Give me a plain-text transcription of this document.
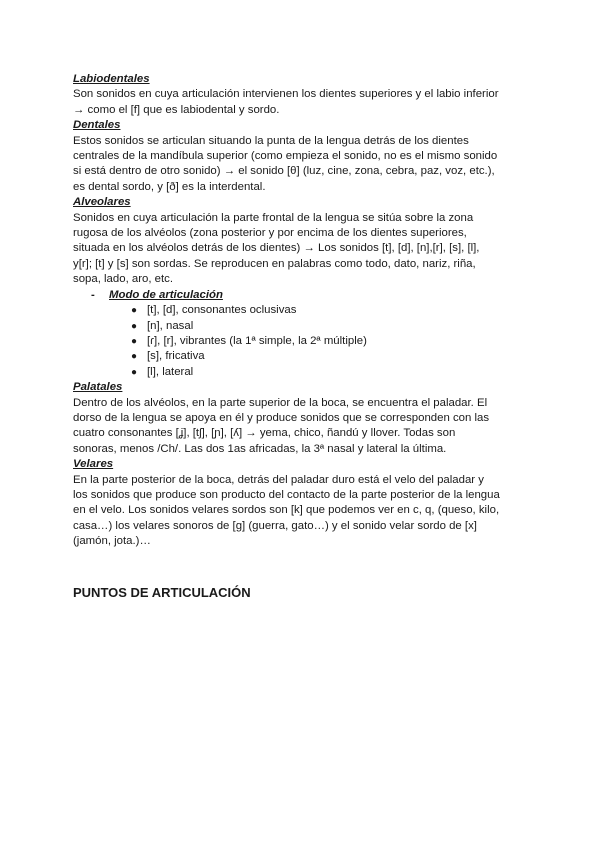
Labiodentales
Son sonidos en cuya articulación intervienen los dientes superiores y el labio inferior
→ como el [f] que es labiodental y sordo.
Dentales
Estos sonidos se articulan situando la punta de la lengua detrás de los dientes
centrales de la mandíbula superior (como empieza el sonido, no es el mismo sonido
si está dentro de otro sonido) → el sonido [θ] (luz, cine, zona, cebra, paz, voz, etc.),
es dental sordo, y [ð] es la interdental.
Alveolares
Sonidos en cuya articulación la parte frontal de la lengua se sitúa sobre la zona
rugosa de los alvéolos (zona posterior y por encima de los dientes superiores,
situada en los alvéolos detrás de los dientes) → Los sonidos [t], [d], [n],[r], [s], [l],
y[r]; [t] y [s] son sordas. Se reproducen en palabras como todo, dato, nariz, riña,
sopa, lado, aro, etc.
- Modo de articulación
● [t], [d], consonantes oclusivas
● [n], nasal
● [ɾ], [r], vibrantes (la 1ª simple, la 2ª múltiple)
● [s], fricativa
● [l], lateral
Palatales
Dentro de los alvéolos, en la parte superior de la boca, se encuentra el paladar. El
dorso de la lengua se apoya en él y produce sonidos que se corresponden con las
cuatro consonantes [ʝ], [tʃ], [ɲ], [ʎ] → yema, chico, ñandú y llover. Todas son
sonoras, menos /Ch/. Las dos 1as africadas, la 3ª nasal y lateral la última.
Velares
En la parte posterior de la boca, detrás del paladar duro está el velo del paladar y
los sonidos que produce son producto del contacto de la parte posterior de la lengua
en el velo. Los sonidos velares sordos son [k] que podemos ver en c, q, (queso, kilo,
casa…) los velares sonoros de [g] (guerra, gato…) y el sonido velar sordo de [x]
(jamón, jota.)…
PUNTOS DE ARTICULACIÓN
